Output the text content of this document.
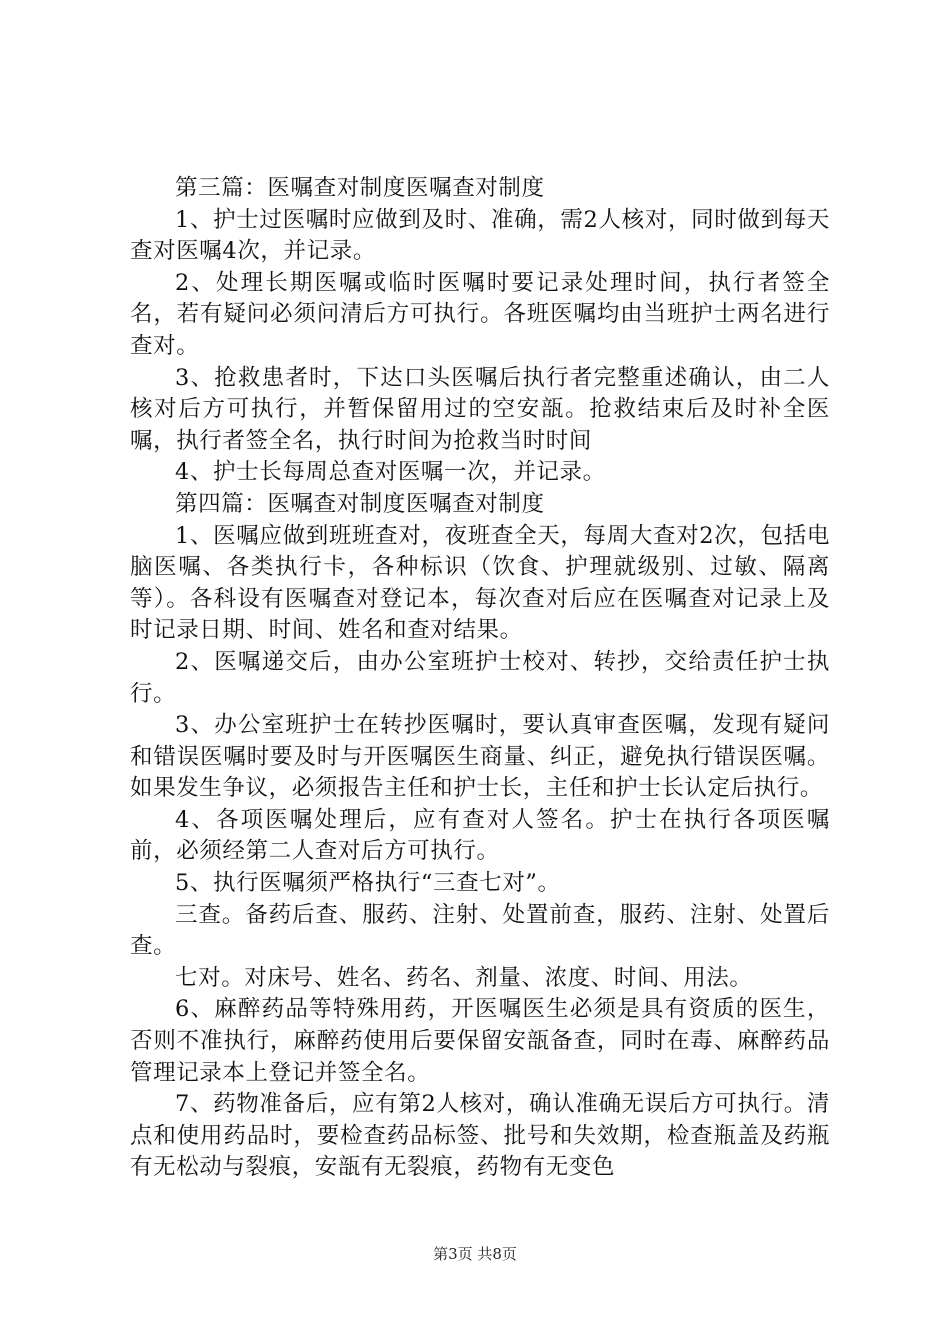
第三篇：医嘱查对制度医嘱查对制度

1、护士过医嘱时应做到及时、准确，需2人核对，同时做到每天查对医嘱4次，并记录。

2、处理长期医嘱或临时医嘱时要记录处理时间，执行者签全名，若有疑问必须问清后方可执行。各班医嘱均由当班护士两名进行查对。

3、抢救患者时，下达口头医嘱后执行者完整重述确认，由二人核对后方可执行，并暂保留用过的空安瓿。抢救结束后及时补全医嘱，执行者签全名，执行时间为抢救当时时间

4、护士长每周总查对医嘱一次，并记录。

第四篇：医嘱查对制度医嘱查对制度

1、医嘱应做到班班查对，夜班查全天，每周大查对2次，包括电脑医嘱、各类执行卡，各种标识（饮食、护理就级别、过敏、隔离等）。各科设有医嘱查对登记本，每次查对后应在医嘱查对记录上及时记录日期、时间、姓名和查对结果。

2、医嘱递交后，由办公室班护士校对、转抄，交给责任护士执行。

3、办公室班护士在转抄医嘱时，要认真审查医嘱，发现有疑问和错误医嘱时要及时与开医嘱医生商量、纠正，避免执行错误医嘱。如果发生争议，必须报告主任和护士长，主任和护士长认定后执行。

4、各项医嘱处理后，应有查对人签名。护士在执行各项医嘱前，必须经第二人查对后方可执行。

5、执行医嘱须严格执行“三查七对”。

三查。备药后查、服药、注射、处置前查，服药、注射、处置后查。

七对。对床号、姓名、药名、剂量、浓度、时间、用法。

6、麻醉药品等特殊用药，开医嘱医生必须是具有资质的医生，否则不准执行，麻醉药使用后要保留安瓿备查，同时在毒、麻醉药品管理记录本上登记并签全名。

7、药物准备后，应有第2人核对，确认准确无误后方可执行。清点和使用药品时，要检查药品标签、批号和失效期，检查瓶盖及药瓶有无松动与裂痕，安瓿有无裂痕，药物有无变色

第3页 共8页
